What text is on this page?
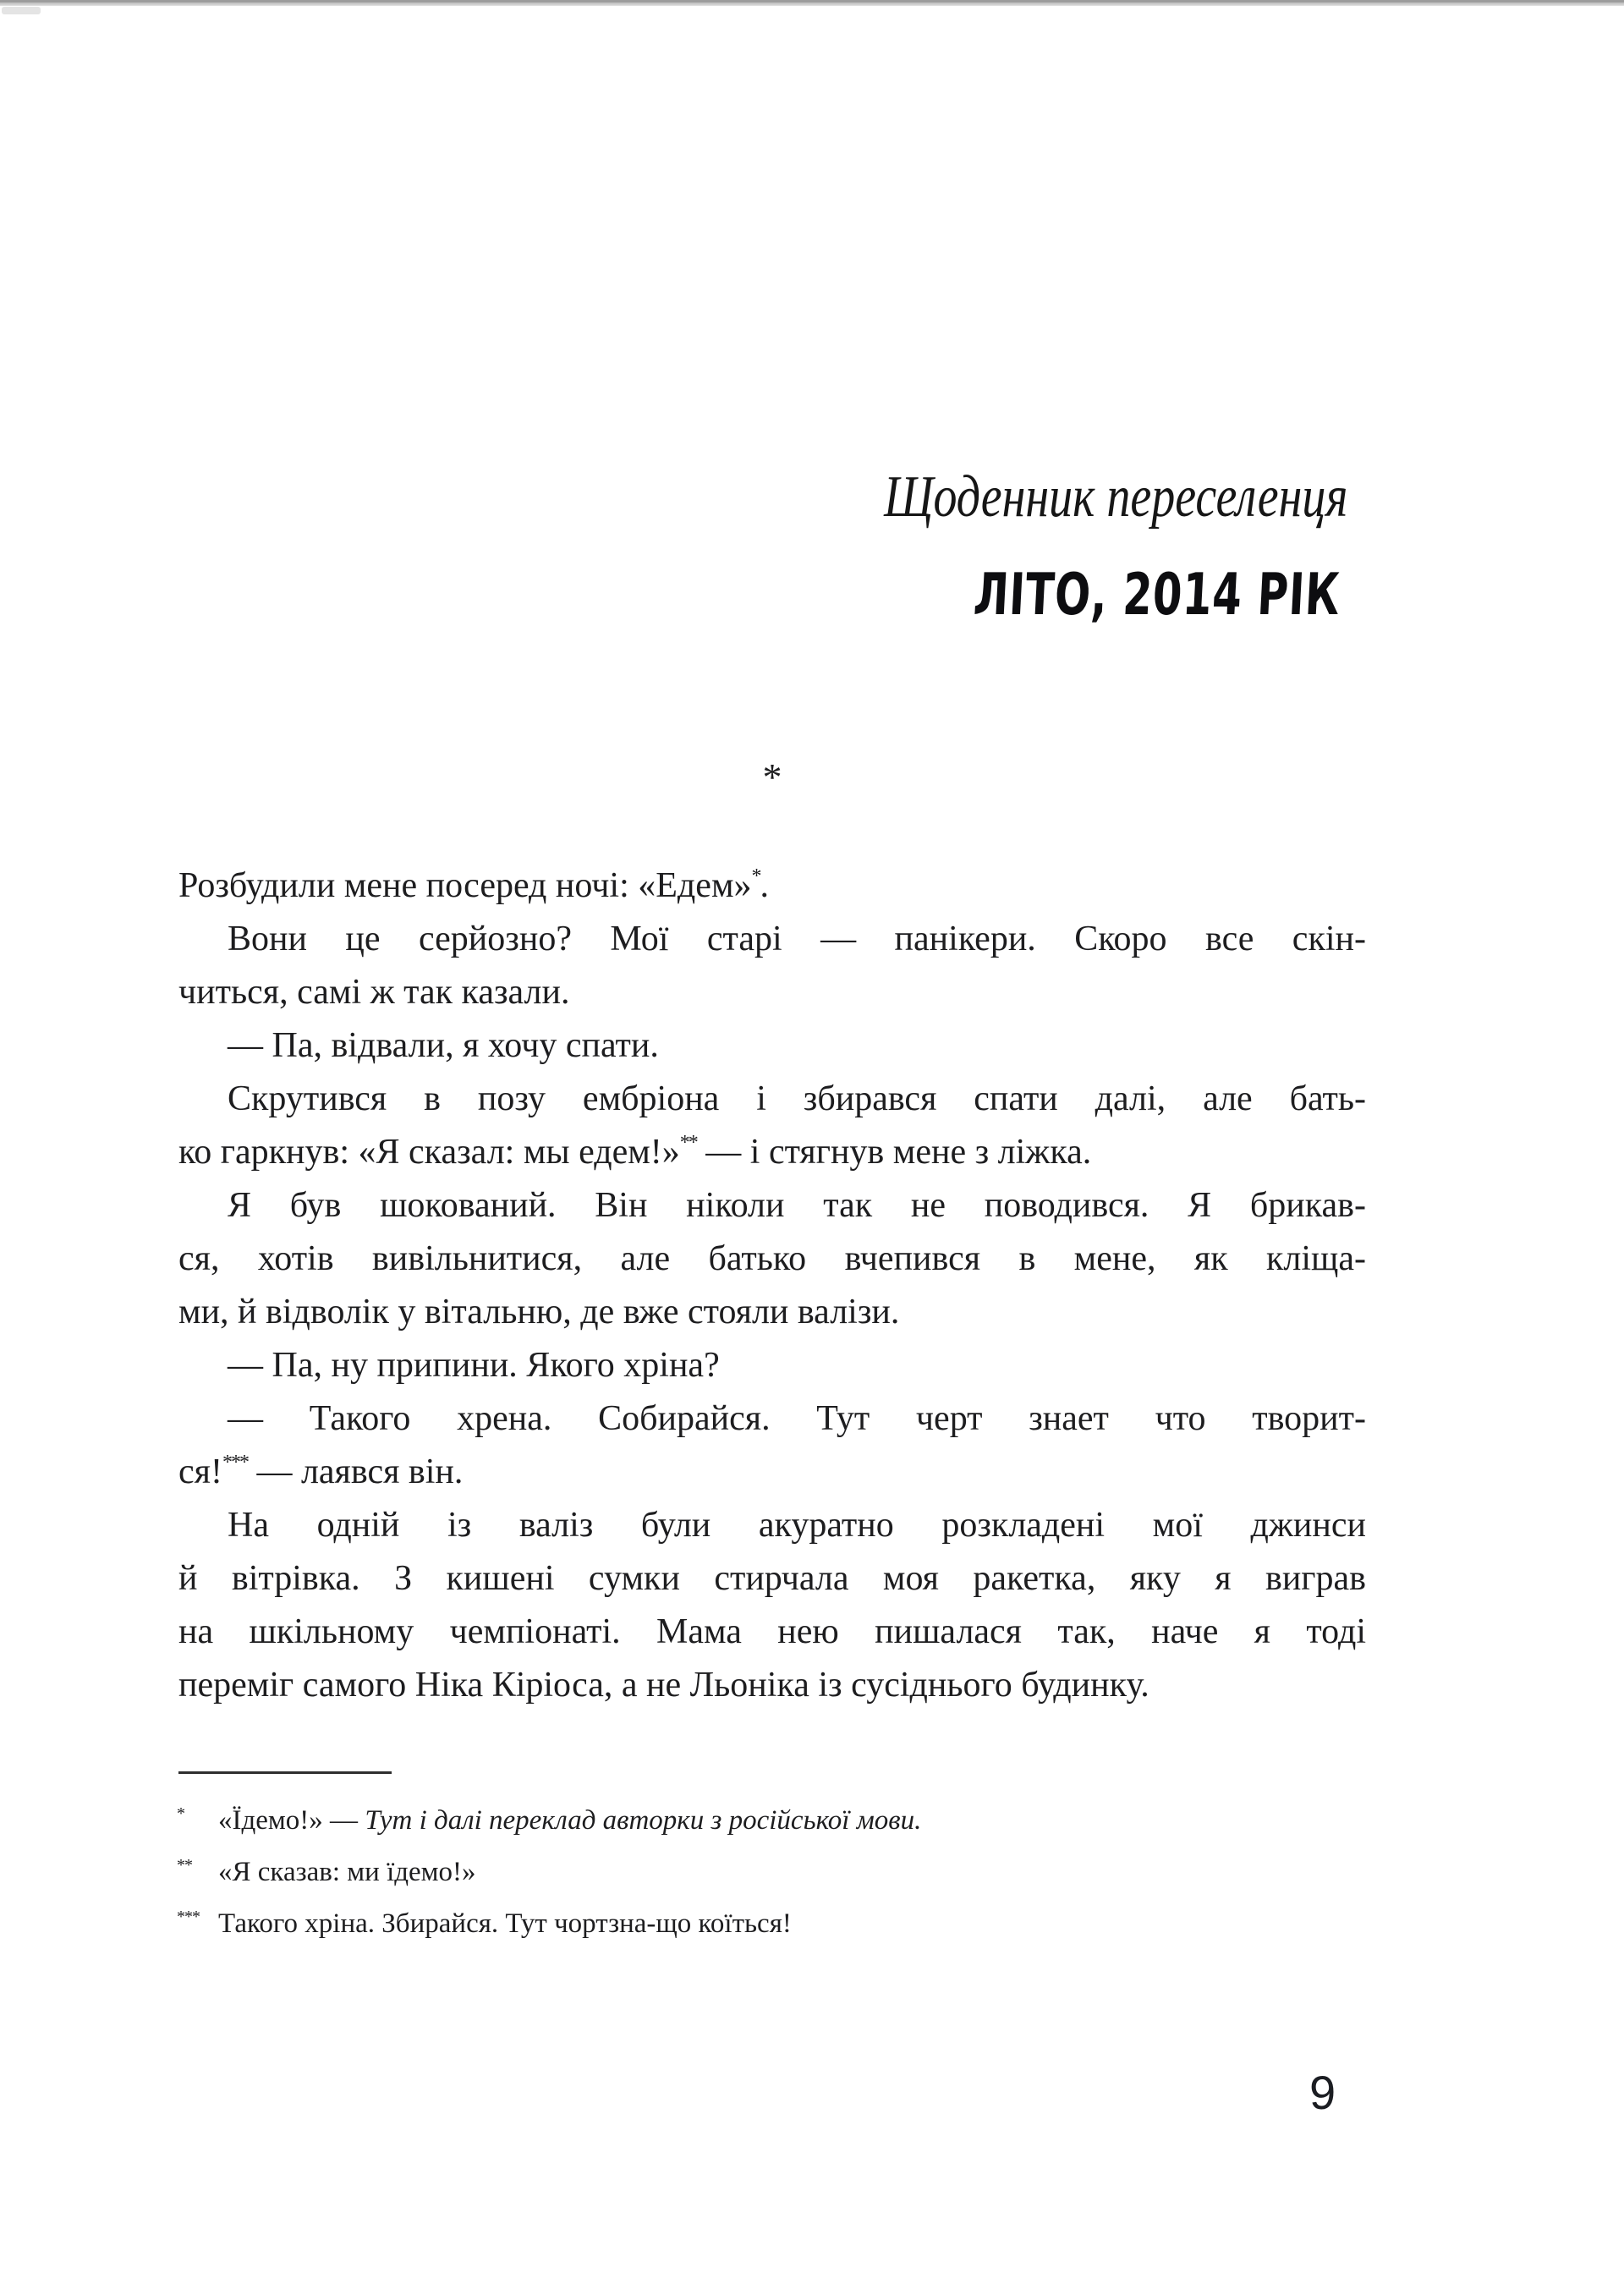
Щоденник переселенця
ЛІТО, 2014 РІК
*
Розбудили мене посеред ночі: «Едем»*.
Вони це серйозно? Мої старі — панікери. Скоро все скін-
читься, самі ж так казали.
— Па, відвали, я хочу спати.
Скрутився в позу ембріона і збирався спати далі, але бать-
ко гаркнув: «Я сказал: мы едем!»** — і стягнув мене з ліжка.
Я був шокований. Він ніколи так не поводився. Я брикав-
ся, хотів вивільнитися, але батько вчепився в мене, як кліща-
ми, й відволік у вітальню, де вже стояли валізи.
— Па, ну припини. Якого хріна?
— Такого хрена. Собирайся. Тут черт знает что творит-
ся!*** — лаявся він.
На одній із валіз були акуратно розкладені мої джинси
й вітрівка. З кишені сумки стирчала моя ракетка, яку я виграв
на шкільному чемпіонаті. Мама нею пишалася так, наче я тоді
переміг самого Ніка Кіріоса, а не Льоніка із сусіднього будинку.
* «Їдемо!» — Тут і далі переклад авторки з російської мови.
** «Я сказав: ми їдемо!»
*** Такого хріна. Збирайся. Тут чортзна-що коїться!
9
